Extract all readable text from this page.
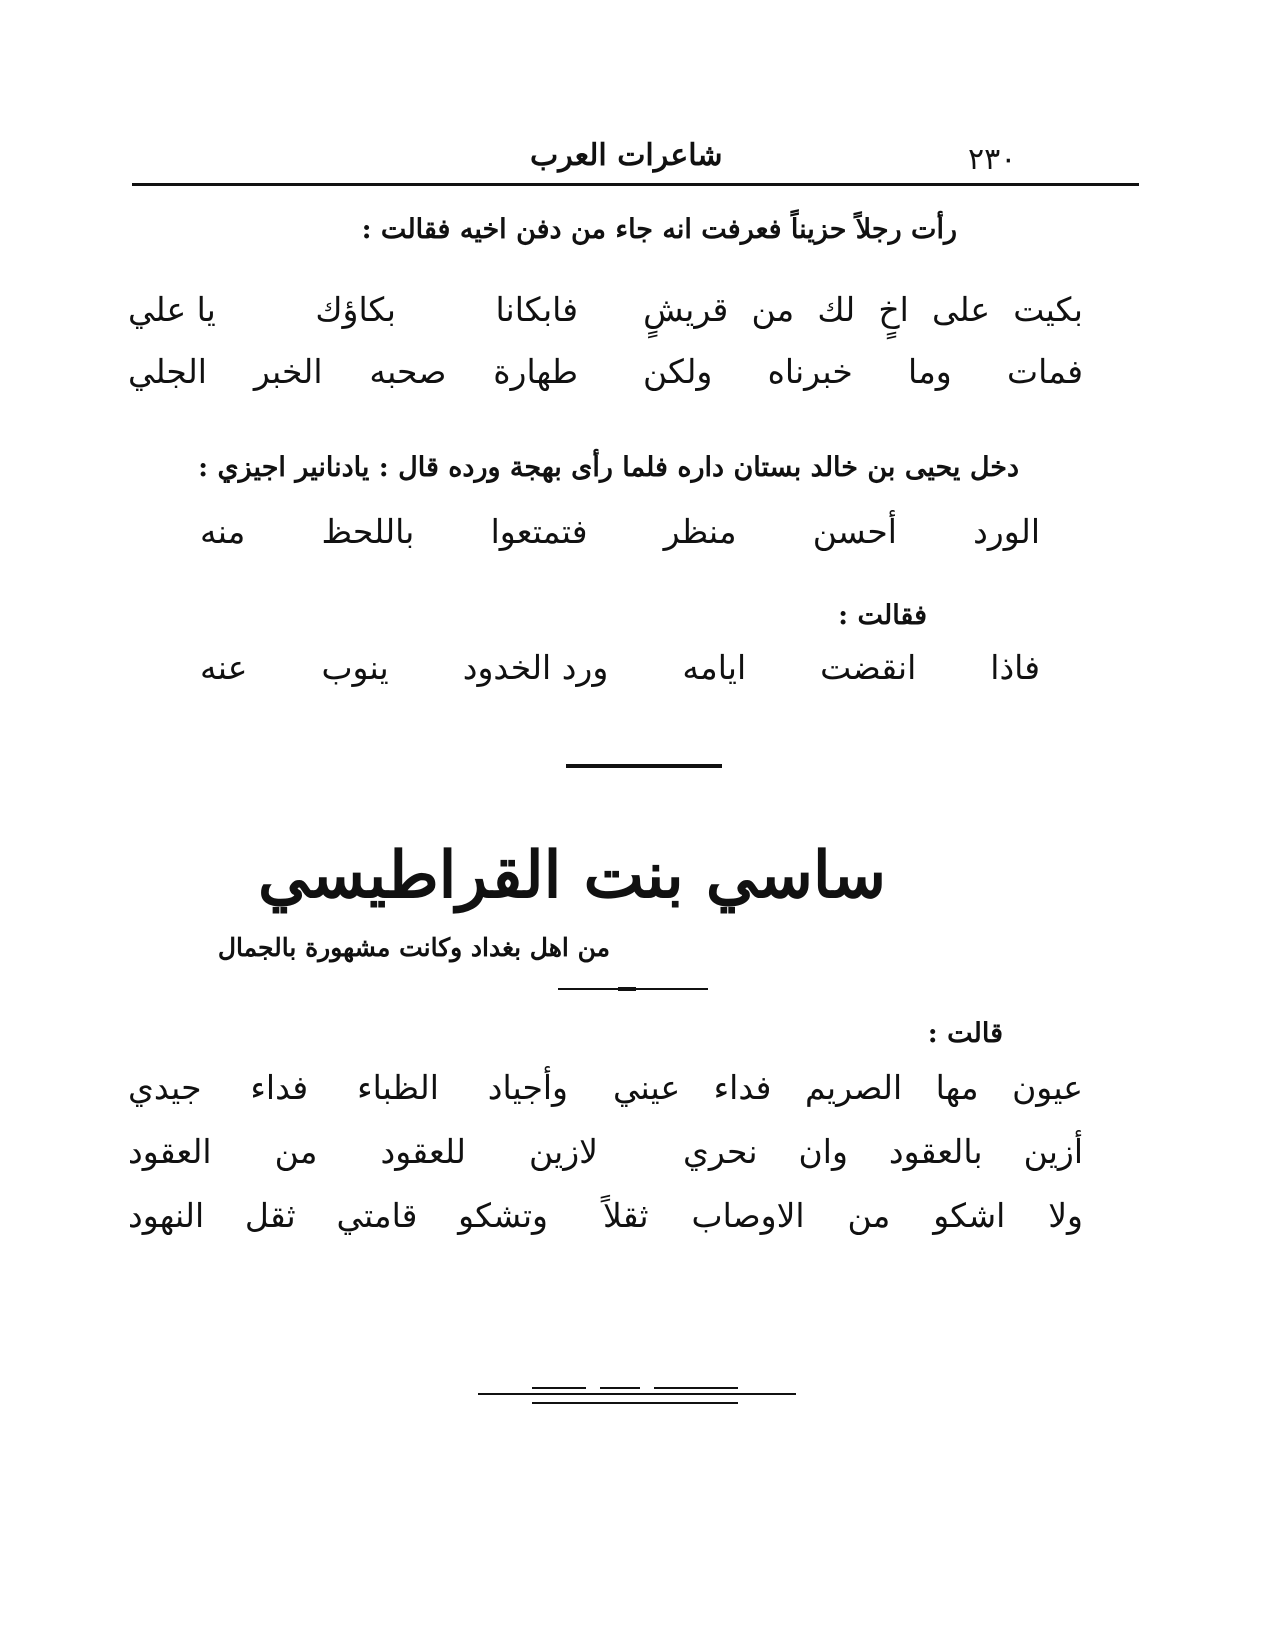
٢٣٠
شاعرات العرب
رأت رجلاً حزيناً فعرفت انه جاء من دفن اخيه فقالت :
بكيت
على
اخٍ
لك
من
قريشٍ
فابكانا
بكاؤك
يا علي
فمات
وما
خبرناه
ولكن
طهارة
صحبه
الخبر
الجلي
دخل يحيى بن خالد بستان داره فلما رأى بهجة ورده قال : يادنانير اجيزي :
الورد
أحسن
منظر
فتمتعوا
باللحظ
منه
فقالت :
فاذا
انقضت
ايامه
ورد الخدود
ينوب
عنه
ساسي بنت القراطيسي
من اهل بغداد وكانت مشهورة بالجمال
قالت :
عيون
مها
الصريم
فداء
عيني
وأجياد
الظباء
فداء
جيدي
أزين
بالعقود
وان
نحري
لازين
للعقود
من
العقود
ولا
اشكو
من
الاوصاب
ثقلاً
وتشكو
قامتي
ثقل
النهود
